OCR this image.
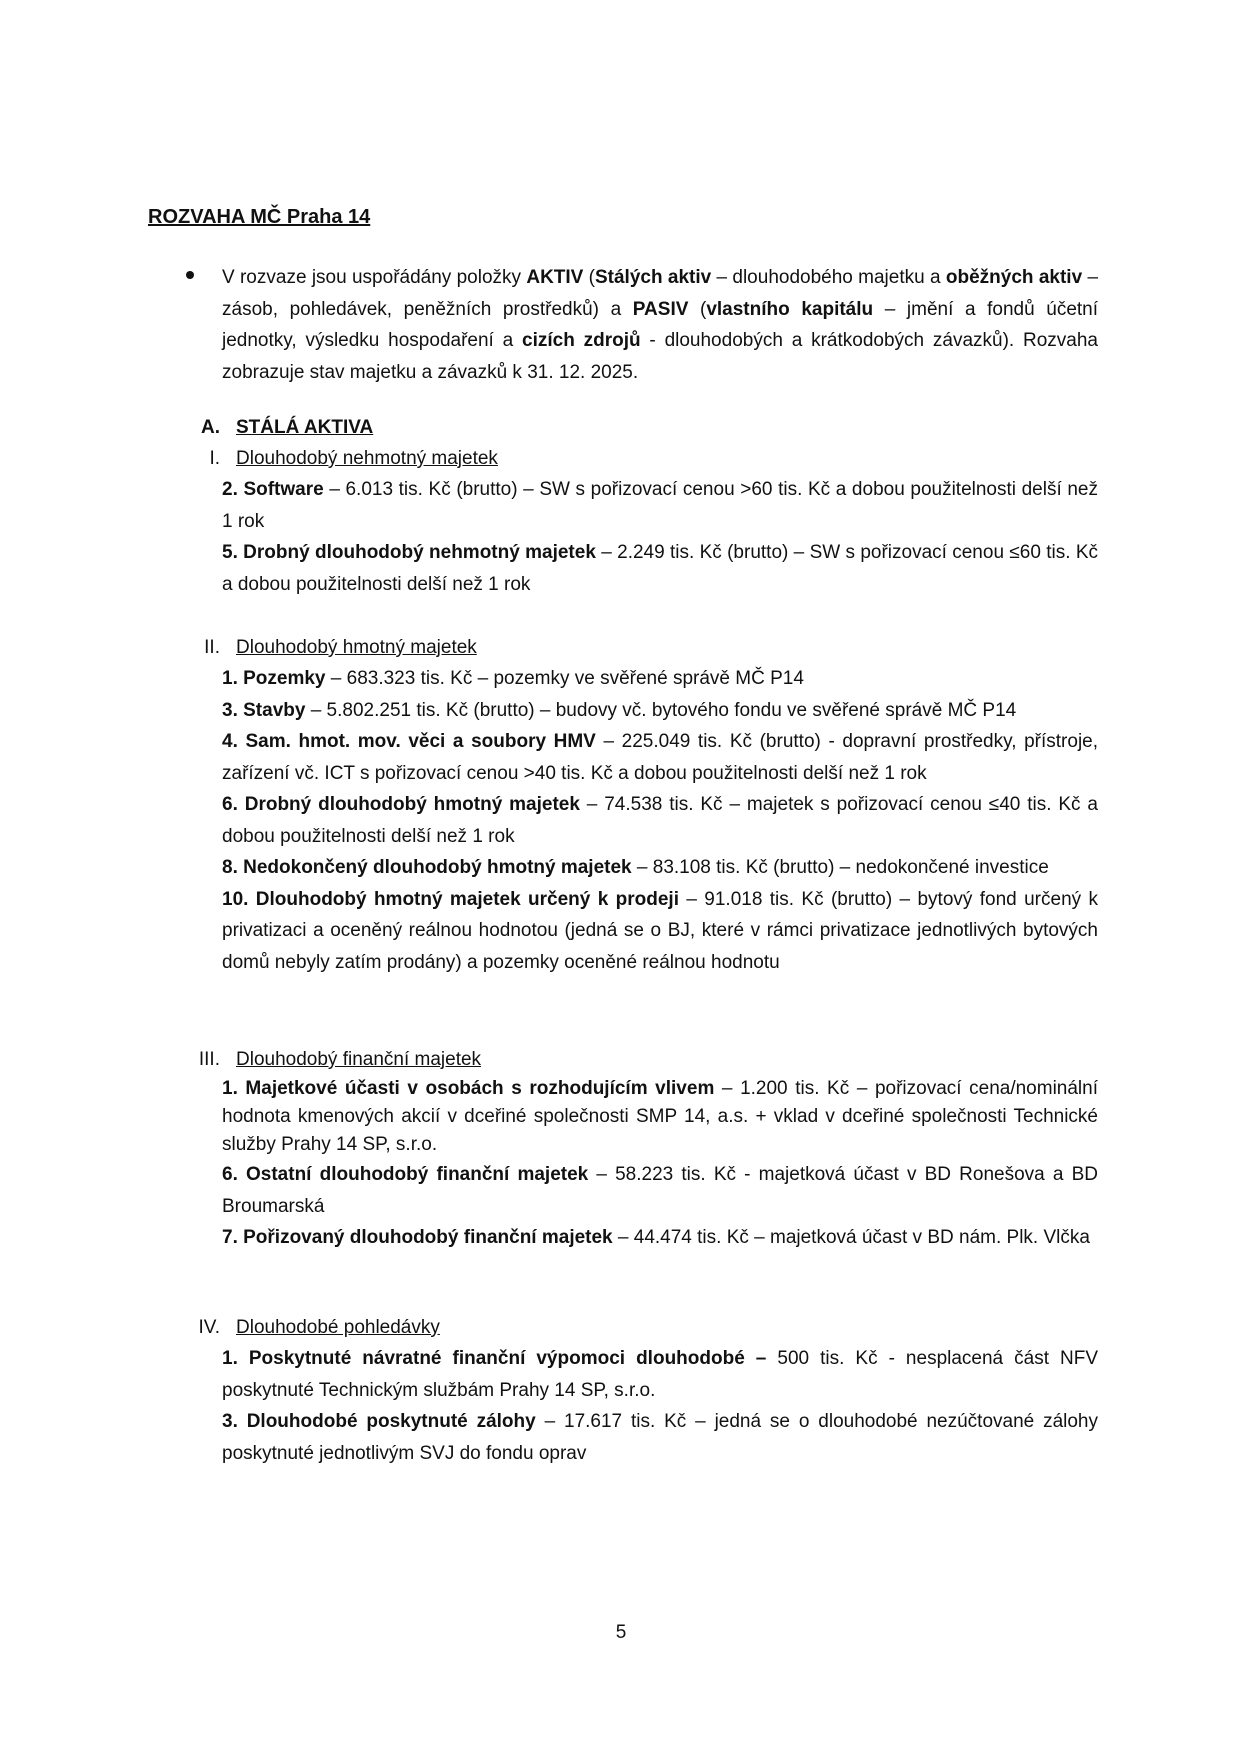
ROZVAHA MČ Praha 14

V rozvaze jsou uspořádány položky AKTIV (Stálých aktiv – dlouhodobého majetku a oběžných aktiv – zásob, pohledávek, peněžních prostředků) a PASIV (vlastního kapitálu – jmění a fondů účetní jednotky, výsledku hospodaření a cizích zdrojů - dlouhodobých a krátkodobých závazků). Rozvaha zobrazuje stav majetku a závazků k 31. 12. 2025.

A. STÁLÁ AKTIVA
I. Dlouhodobý nehmotný majetek

2. Software – 6.013 tis. Kč (brutto) – SW s pořizovací cenou >60 tis. Kč a dobou použitelnosti delší než 1 rok

5. Drobný dlouhodobý nehmotný majetek – 2.249 tis. Kč (brutto) – SW s pořizovací cenou ≤60 tis. Kč a dobou použitelnosti delší než 1 rok

II. Dlouhodobý hmotný majetek

1. Pozemky – 683.323 tis. Kč – pozemky ve svěřené správě MČ P14

3. Stavby – 5.802.251 tis. Kč (brutto) – budovy vč. bytového fondu ve svěřené správě MČ P14

4. Sam. hmot. mov. věci a soubory HMV – 225.049 tis. Kč (brutto) - dopravní prostředky, přístroje, zařízení vč. ICT s pořizovací cenou >40 tis. Kč a dobou použitelnosti delší než 1 rok

6. Drobný dlouhodobý hmotný majetek – 74.538 tis. Kč – majetek s pořizovací cenou ≤40 tis. Kč a dobou použitelnosti delší než 1 rok

8. Nedokončený dlouhodobý hmotný majetek – 83.108 tis. Kč (brutto) – nedokončené investice

10. Dlouhodobý hmotný majetek určený k prodeji – 91.018 tis. Kč (brutto) – bytový fond určený k privatizaci a oceněný reálnou hodnotou (jedná se o BJ, které v rámci privatizace jednotlivých bytových domů nebyly zatím prodány) a pozemky oceněné reálnou hodnotu

III. Dlouhodobý finanční majetek

1. Majetkové účasti v osobách s rozhodujícím vlivem – 1.200 tis. Kč – pořizovací cena/nominální hodnota kmenových akcií v dceřiné společnosti SMP 14, a.s. + vklad v dceřiné společnosti Technické služby Prahy 14 SP, s.r.o.

6. Ostatní dlouhodobý finanční majetek – 58.223 tis. Kč - majetková účast v BD Ronešova a BD Broumarská

7. Pořizovaný dlouhodobý finanční majetek – 44.474 tis. Kč – majetková účast v BD nám. Plk. Vlčka

IV. Dlouhodobé pohledávky

1. Poskytnuté návratné finanční výpomoci dlouhodobé – 500 tis. Kč - nesplacená část NFV poskytnuté Technickým službám Prahy 14 SP, s.r.o.

3. Dlouhodobé poskytnuté zálohy – 17.617 tis. Kč – jedná se o dlouhodobé nezúčtované zálohy poskytnuté jednotlivým SVJ do fondu oprav

5
